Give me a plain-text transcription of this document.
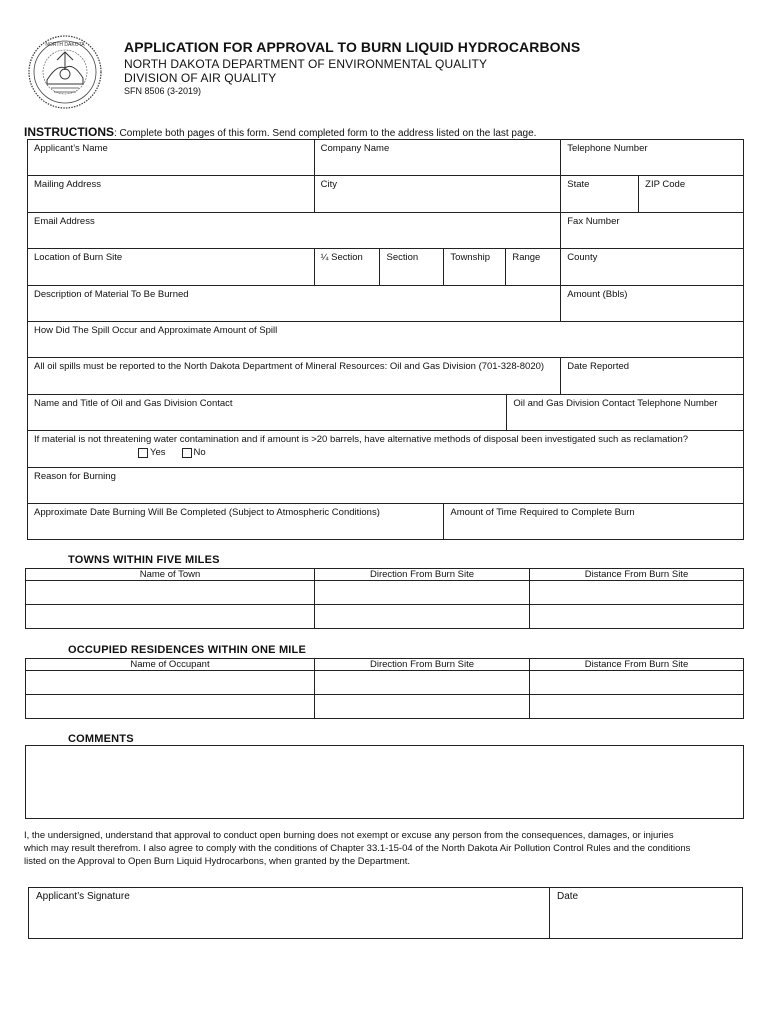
NORTH DAKOTA	APPLICATION FOR APPROVAL TO BURN LIQUID HYDROCARBONS
NORTH DAKOTA DEPARTMENT OF ENVIRONMENTAL QUALITY
DIVISION OF AIR QUALITY
SFN 8506 (3-2019)
INSTRUCTIONS: Complete both pages of this form. Send completed form to the address listed on the last page.
Applicant’s Name	Company Name	Telephone Number
Mailing Address	City	State	ZIP Code
Email Address	Fax Number
Location of Burn Site	¼ Section	Section	Township	Range	County
Description of Material To Be Burned	Amount (Bbls)
How Did The Spill Occur and Approximate Amount of Spill
All oil spills must be reported to the North Dakota Department of Mineral Resources: Oil and Gas Division (701-328-8020)	Date Reported
Name and Title of Oil and Gas Division Contact	Oil and Gas Division Contact Telephone Number
If material is not threatening water contamination and if amount is >20 barrels, have alternative methods of disposal been investigated such as reclamation?
Yes	No
Reason for Burning
Approximate Date Burning Will Be Completed (Subject to Atmospheric Conditions)	Amount of Time Required to Complete Burn
TOWNS WITHIN FIVE MILES
Name of Town	Direction From Burn Site	Distance From Burn Site

OCCUPIED RESIDENCES WITHIN ONE MILE
Name of Occupant	Direction From Burn Site	Distance From Burn Site

COMMENTS

I, the undersigned, understand that approval to conduct open burning does not exempt or excuse any person from the consequences, damages, or injuries

which may result therefrom. I also agree to comply with the conditions of Chapter 33.1-15-04 of the North Dakota Air Pollution Control Rules and the conditions

listed on the Approval to Open Burn Liquid Hydrocarbons, when granted by the Department.

Applicant’s Signature	Date
